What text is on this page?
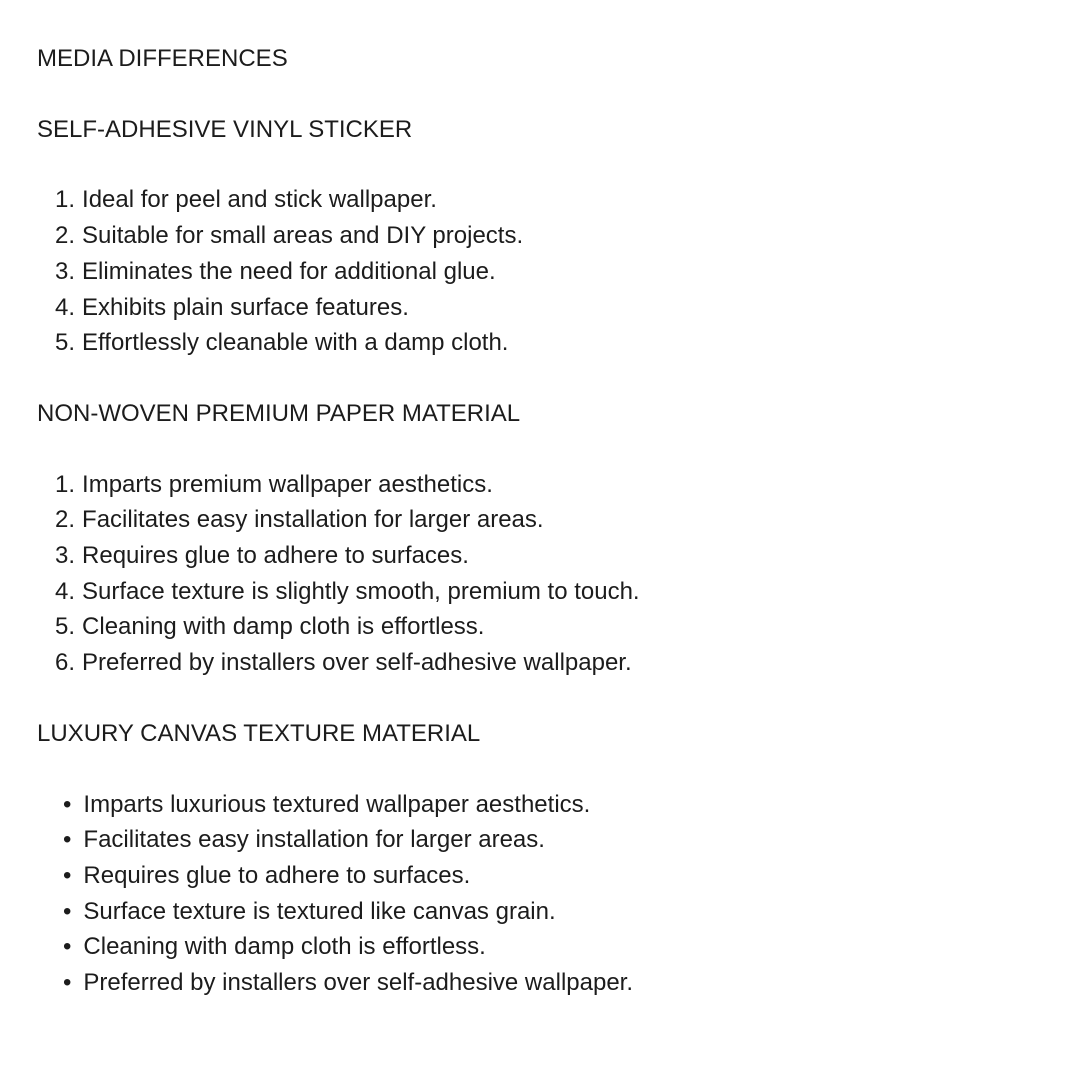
MEDIA DIFFERENCES
SELF-ADHESIVE VINYL STICKER
Ideal for peel and stick wallpaper.
Suitable for small areas and DIY projects.
Eliminates the need for additional glue.
Exhibits plain surface features.
Effortlessly cleanable with a damp cloth.
NON-WOVEN PREMIUM PAPER MATERIAL
Imparts premium wallpaper aesthetics.
Facilitates easy installation for larger areas.
Requires glue to adhere to surfaces.
Surface texture is slightly smooth, premium to touch.
Cleaning with damp cloth is effortless.
Preferred by installers over self-adhesive wallpaper.
LUXURY CANVAS TEXTURE MATERIAL
• Imparts luxurious textured wallpaper aesthetics.
• Facilitates easy installation for larger areas.
• Requires glue to adhere to surfaces.
• Surface texture is textured like canvas grain.
• Cleaning with damp cloth is effortless.
• Preferred by installers over self-adhesive wallpaper.
